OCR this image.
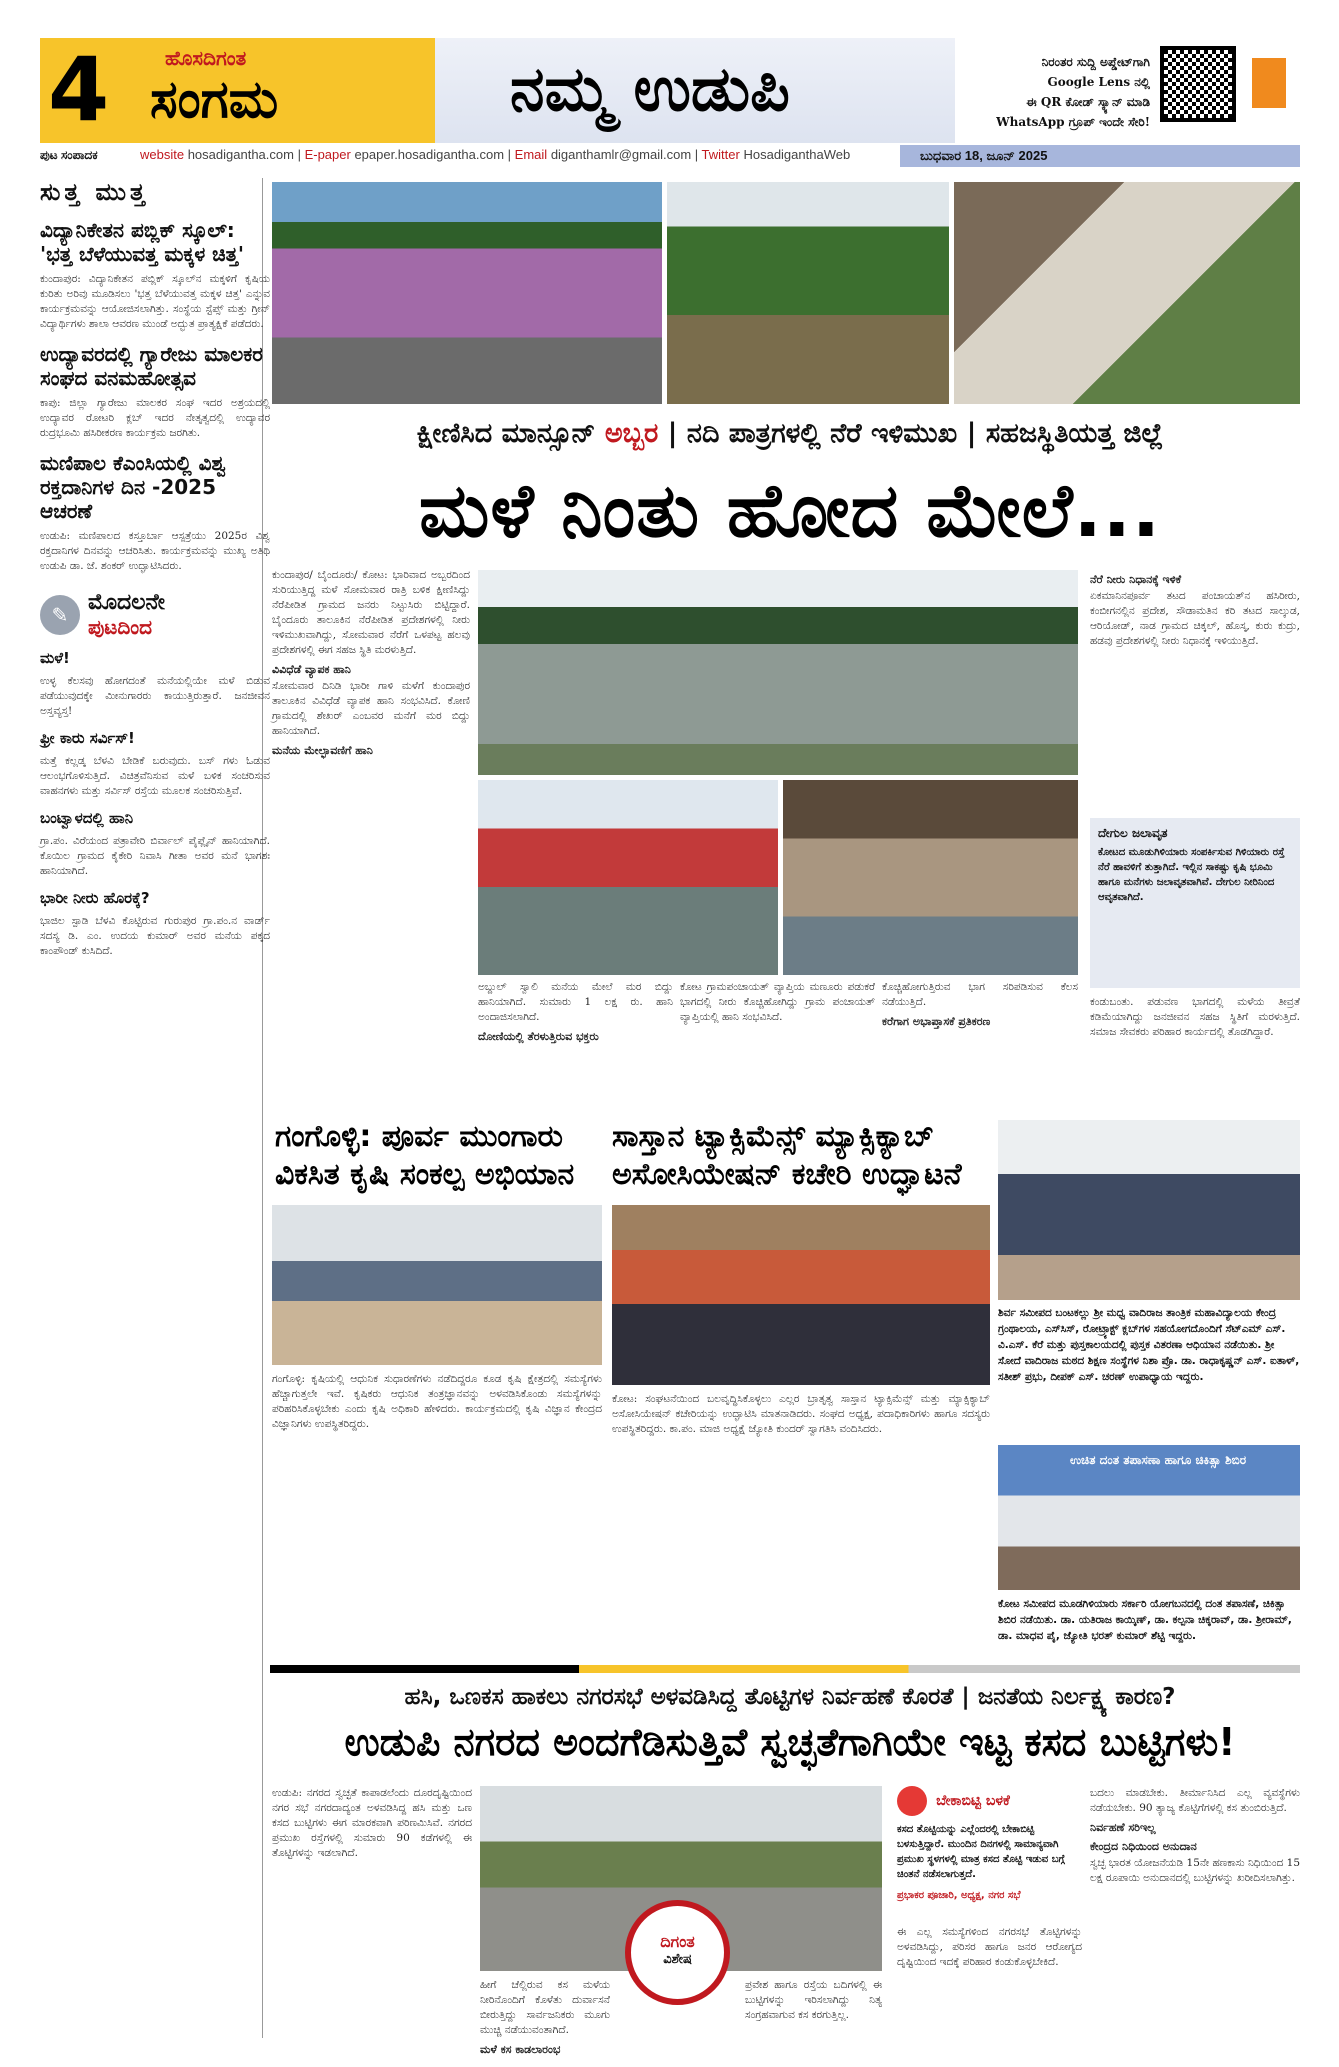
4	ಹೊಸದಿಗಂತ
ಸಂಗಮ	ನಮ್ಮ ಉಡುಪಿ	ನಿರಂತರ ಸುದ್ದಿ ಅಪ್ಡೇಟ್‌ಗಾಗಿ
Google Lens ನಲ್ಲಿ
ಈ QR ಕೋಡ್ ಸ್ಕ್ಯಾನ್ ಮಾಡಿ
WhatsApp ಗ್ರೂಪ್ ಇಂದೇ ಸೇರಿ!
ಪುಟ ಸಂಪಾದಕ	website hosadigantha.com | E-paper epaper.hosadigantha.com | Email diganthamlr@gmail.com | Twitter HosadiganthaWeb	ಬುಧವಾರ 18, ಜೂನ್ 2025
ಸುತ್ತ ಮುತ್ತ
ವಿದ್ಯಾನಿಕೇತನ ಪಬ್ಲಿಕ್ ಸ್ಕೂಲ್: 'ಭತ್ತ ಬೆಳೆಯುವತ್ತ ಮಕ್ಕಳ ಚಿತ್ತ'
ಕುಂದಾಪುರ: ವಿದ್ಯಾನಿಕೇತನ ಪಬ್ಲಿಕ್ ಸ್ಕೂಲ್‌ನ ಮಕ್ಕಳಿಗೆ ಕೃಷಿಯ ಕುರಿತು ಅರಿವು ಮೂಡಿಸಲು 'ಭತ್ತ ಬೆಳೆಯುವತ್ತ ಮಕ್ಕಳ ಚಿತ್ತ' ಎನ್ನುವ ಕಾರ್ಯಕ್ರಮವನ್ನು ಆಯೋಜಿಸಲಾಗಿತ್ತು. ಸಂಸ್ಥೆಯ ಸ್ಟೆಪ್ಸ್ ಮತ್ತು ಗ್ರೀನ್ ವಿದ್ಯಾರ್ಥಿಗಳು ಶಾಲಾ ಆವರಣ ಮುಂಡೆ ಅದ್ಭುತ ಪ್ರಾತ್ಯಕ್ಷಿಕೆ ಪಡೆದರು.
ಉದ್ಯಾವರದಲ್ಲಿ ಗ್ಯಾರೇಜು ಮಾಲಕರ ಸಂಘದ ವನಮಹೋತ್ಸವ
ಕಾಪು: ಜಿಲ್ಲಾ ಗ್ಯಾರೇಜು ಮಾಲಕರ ಸಂಘ ಇದರ ಅಶ್ರಯದಲ್ಲಿ ಉದ್ಯಾವರ ರೋಟರಿ ಕ್ಲಬ್ ಇದರ ನೇತೃತ್ವದಲ್ಲಿ ಉದ್ಯಾವರ ರುದ್ರಭೂಮಿ ಹಸಿರೀಕರಣ ಕಾರ್ಯಕ್ರಮ ಜರಗಿತು.
ಮಣಿಪಾಲ ಕೆಎಂಸಿಯಲ್ಲಿ ವಿಶ್ವ ರಕ್ತದಾನಿಗಳ ದಿನ -2025 ಆಚರಣೆ
ಉಡುಪಿ: ಮಣಿಪಾಲದ ಕಸ್ತೂರ್ಬಾ ಆಸ್ಪತ್ರೆಯು 2025ರ ವಿಶ್ವ ರಕ್ತದಾನಿಗಳ ದಿನವನ್ನು ಆಚರಿಸಿತು. ಕಾರ್ಯಕ್ರಮವನ್ನು ಮುಖ್ಯ ಅತಿಥಿ ಉಡುಪಿ ಡಾ. ಜೆ. ಶಂಕರ್ ಉದ್ಘಾಟಿಸಿದರು.
✎ ಮೊದಲನೇ
ಪುಟದಿಂದ
ಮಳೆ!
ಉಳ್ಳ ಕೆಲಸವು ಹೋಗದಂತೆ ಮನೆಯಲ್ಲಿಯೇ ಮಳೆ ಬಿಡುವ ಪಡೆಯುವುದಕ್ಕೇ ಮೀನುಗಾರರು ಕಾಯುತ್ತಿರುತ್ತಾರೆ. ಜನಜೀವನ ಅಸ್ತವ್ಯಸ್ತ!
ಫ್ರೀ ಕಾರು ಸರ್ವಿಸ್!
ಮತ್ತೆ ಕಲ್ಲಡ್ಕ ಬೆಳವಿ ಬೇಡಿಕೆ ಬರುವುದು. ಬಸ್ ಗಳು ಓಡುವ ಆಲಂಭಗೊಳಿಸುತ್ತಿದೆ. ವಿಚಿತ್ರವೆನಿಸುವ ಮಳೆ ಬಳಿಕ ಸಂಚರಿಸುವ ವಾಹನಗಳು ಮತ್ತು ಸರ್ವಿಸ್ ರಸ್ತೆಯ ಮೂಲಕ ಸಂಚರಿಸುತ್ತಿವೆ.
ಬಂಟ್ವಾಳದಲ್ಲಿ ಹಾನಿ
ಗ್ರಾ.ಪಂ. ವಿರೆಯಂದ ಪತ್ರಾವೇರಿ ಬಿರ್ವಾಲ್ ಪೈಪ್ಲೈನ್ ಹಾನಿಯಾಗಿದೆ. ಕೊಯಿಲ ಗ್ರಾಮದ ಕೈಕೇರಿ ನಿವಾಸಿ ಗೀತಾ ಅವರ ಮನೆ ಭಾಗಶಃ ಹಾನಿಯಾಗಿದೆ.
ಭಾರೀ ನೀರು ಹೊರಕ್ಕೆ?
ಭಾಜಿಲ ಸ್ಪಾಡಿ ಬೆಳವಿ ಕೊಟ್ಟಿರುವ ಗುರುಪುರ ಗ್ರಾ.ಪಂ.ನ ವಾರ್ಡ್ ಸದಸ್ಯ ಡಿ. ಎಂ. ಉದಯ ಕುಮಾರ್ ಅವರ ಮನೆಯ ಪಕ್ಕದ ಕಾಂಪೌಂಡ್ ಕುಸಿದಿದೆ.
ಕ್ಷೀಣಿಸಿದ ಮಾನ್ಸೂನ್ ಅಬ್ಬರ | ನದಿ ಪಾತ್ರಗಳಲ್ಲಿ ನೆರೆ ಇಳಿಮುಖ | ಸಹಜಸ್ಥಿತಿಯತ್ತ ಜಿಲ್ಲೆ
ಮಳೆ ನಿಂತು ಹೋದ ಮೇಲೆ...
ಕುಂದಾಪುರ/ ಬೈಂದೂರು/ ಕೋಟ: ಭಾರಿವಾದ ಅಬ್ಬರದಿಂದ ಸುರಿಯುತ್ತಿದ್ದ ಮಳೆ ಸೋಮವಾರ ರಾತ್ರಿ ಬಳಿಕ ಕ್ಷೀಣಿಸಿದ್ದು ನೆರೆಪೀಡಿತ ಗ್ರಾಮದ ಜನರು ನಿಟ್ಟುಸಿರು ಬಿಟ್ಟಿದ್ದಾರೆ. ಬೈಂದೂರು ತಾಲೂಕಿನ ನೆರೆಪೀಡಿತ ಪ್ರದೇಶಗಳಲ್ಲಿ ನೀರು ಇಳಿಮುಖವಾಗಿದ್ದು, ಸೋಮವಾರ ನೆರೆಗೆ ಒಳಪಟ್ಟ ಹಲವು ಪ್ರದೇಶಗಳಲ್ಲಿ ಈಗ ಸಹಜ ಸ್ಥಿತಿ ಮರಳುತ್ತಿದೆ.
ವಿವಿಧೆಡೆ ವ್ಯಾಪಕ ಹಾನಿ
ಸೋಮವಾರ ದಿನಿಡಿ ಭಾರೀ ಗಾಳಿ ಮಳೆಗೆ ಕುಂದಾಪುರ ತಾಲೂಕಿನ ವಿವಿಧೆಡೆ ವ್ಯಾಪಕ ಹಾನಿ ಸಂಭವಿಸಿದೆ. ಕೋಣಿ ಗ್ರಾಮದಲ್ಲಿ ಶೇಖರ್ ಎಂಬವರ ಮನೆಗೆ ಮರ ಬಿದ್ದು ಹಾನಿಯಾಗಿದೆ.
ಮನೆಯ ಮೇಲ್ಛಾವಣಿಗೆ ಹಾನಿ
ಅಬ್ದುಲ್ ಸ್ವಾಲಿ ಮನೆಯ ಮೇಲೆ ಮರ ಬಿದ್ದು ಹಾನಿಯಾಗಿದೆ. ಸುಮಾರು 1 ಲಕ್ಷ ರು. ಹಾನಿ ಅಂದಾಜಿಸಲಾಗಿದೆ.
ದೋಣಿಯಲ್ಲಿ ತೆರಳುತ್ತಿರುವ ಭಕ್ತರು
ಕೋಟ ಗ್ರಾಮಪಂಚಾಯತ್ ವ್ಯಾಪ್ತಿಯ ಮಣೂರು ಪಡುಕರೆ ಭಾಗದಲ್ಲಿ ನೀರು ಕೊಚ್ಚಿಹೋಗಿದ್ದು ಗ್ರಾಮ ಪಂಚಾಯತ್ ವ್ಯಾಪ್ತಿಯಲ್ಲಿ ಹಾನಿ ಸಂಭವಿಸಿದೆ.
ಕೊಚ್ಚಿಹೋಗುತ್ತಿರುವ ಭಾಗ ಸರಿಪಡಿಸುವ ಕೆಲಸ ನಡೆಯುತ್ತಿದೆ.
ಕರೆಗಾಗ ಅಭಾಪ್ತಾಸಕೆ ಪ್ರತಿಕರಣ
ನೆರೆ ನೀರು ನಿಧಾನಕ್ಕೆ ಇಳಿಕೆ
ಏಕಮಾನಿನಪೂರ್ವ ತಟದ ಪಂಚಾಯತ್‌ನ ಹಸಿರೀರು, ಕಂಬೀಗನಲ್ಲಿನ ಪ್ರದೇಶ, ಸೌಡಾಮತಿನ ಕರಿ ತಟದ ಸಾಲ್ಕುಡ, ಆರಿಯೋಡ್, ನಾಡ ಗ್ರಾಮದ ಚಿಕ್ಕಲ್, ಹೊಸ್ಕ, ಕುರು ಕುದ್ರು, ಹಡವು ಪ್ರದೇಶಗಳಲ್ಲಿ ನೀರು ನಿಧಾನಕ್ಕೆ ಇಳಿಯುತ್ತಿದೆ.
ದೇಗುಲ ಜಲಾವೃತ
ಕೋಟದ ಮೂಡುಗಿಳಿಯಾರು ಸಂಪರ್ಕಿಸುವ ಗಿಳಿಯಾರು ರಸ್ತೆ ನೆರೆ ಹಾವಳಿಗೆ ತುತ್ತಾಗಿದೆ. ಇಲ್ಲಿನ ಸಾಕಷ್ಟು ಕೃಷಿ ಭೂಮಿ ಹಾಗೂ ಮನೆಗಳು ಜಲಾವೃತವಾಗಿವೆ. ದೇಗುಲ ನೀರಿನಿಂದ ಆವೃತವಾಗಿದೆ.
ಕಂಡುಬಂತು. ಪಡುವಣ ಭಾಗದಲ್ಲಿ ಮಳೆಯ ತೀವ್ರತೆ ಕಡಿಮೆಯಾಗಿದ್ದು ಜನಜೀವನ ಸಹಜ ಸ್ಥಿತಿಗೆ ಮರಳುತ್ತಿದೆ. ಸಮಾಜ ಸೇವಕರು ಪರಿಹಾರ ಕಾರ್ಯದಲ್ಲಿ ತೊಡಗಿದ್ದಾರೆ.
ಗಂಗೊಳ್ಳಿ: ಪೂರ್ವ ಮುಂಗಾರು
ವಿಕಸಿತ ಕೃಷಿ ಸಂಕಲ್ಪ ಅಭಿಯಾನ
ಗಂಗೊಳ್ಳಿ: ಕೃಷಿಯಲ್ಲಿ ಆಧುನಿಕ ಸುಧಾರಣೆಗಳು ನಡೆದಿದ್ದರೂ ಕೂಡ ಕೃಷಿ ಕ್ಷೇತ್ರದಲ್ಲಿ ಸಮಸ್ಯೆಗಳು ಹೆಚ್ಚಾಗುತ್ತಲೇ ಇವೆ. ಕೃಷಿಕರು ಆಧುನಿಕ ತಂತ್ರಜ್ಞಾನವನ್ನು ಅಳವಡಿಸಿಕೊಂಡು ಸಮಸ್ಯೆಗಳನ್ನು ಪರಿಹರಿಸಿಕೊಳ್ಳಬೇಕು ಎಂದು ಕೃಷಿ ಅಧಿಕಾರಿ ಹೇಳಿದರು. ಕಾರ್ಯಕ್ರಮದಲ್ಲಿ ಕೃಷಿ ವಿಜ್ಞಾನ ಕೇಂದ್ರದ ವಿಜ್ಞಾನಿಗಳು ಉಪಸ್ಥಿತರಿದ್ದರು.
ಸಾಸ್ತಾನ ಟ್ಯಾಕ್ಸಿಮೆನ್ಸ್ ಮ್ಯಾಕ್ಸಿಕ್ಯಾಬ್
ಅಸೋಸಿಯೇಷನ್ ಕಚೇರಿ ಉದ್ಘಾಟನೆ
ಕೋಟ: ಸಂಘಟನೆಯಿಂದ ಬಲವೃದ್ಧಿಸಿಕೊಳ್ಳಲು ಎಲ್ಲರ ಬ್ರಾತೃತ್ವ ಸಾಸ್ತಾನ ಟ್ಯಾಕ್ಸಿಮೆನ್ಸ್ ಮತ್ತು ಮ್ಯಾಕ್ಸಿಕ್ಯಾಬ್ ಅಸೋಸಿಯೇಷನ್ ಕಚೇರಿಯನ್ನು ಉದ್ಘಾಟಿಸಿ ಮಾತನಾಡಿದರು. ಸಂಘದ ಅಧ್ಯಕ್ಷ, ಪದಾಧಿಕಾರಿಗಳು ಹಾಗೂ ಸದಸ್ಯರು ಉಪಸ್ಥಿತರಿದ್ದರು. ಕಾ.ಪಂ. ಮಾಜಿ ಅಧ್ಯಕ್ಷೆ ಜ್ಯೋತಿ ಕುಂದರ್ ಸ್ವಾಗತಿಸಿ ವಂದಿಸಿದರು.
ಶಿರ್ವ ಸಮೀಪದ ಬಂಟಕಲ್ಲು ಶ್ರೀ ಮಧ್ವ ವಾದಿರಾಜ ತಾಂತ್ರಿಕ ಮಹಾವಿದ್ಯಾಲಯ ಕೇಂದ್ರ ಗ್ರಂಥಾಲಯ, ಎಸ್‌ಸಿಸ್, ರೋಟ್ರ್ಯಾಕ್ಟ್ ಕ್ಲಬ್‌ಗಳ ಸಹಯೋಗದೊಂದಿಗೆ ಸೆಟ್‌ಎಮ್ ಎಸ್. ವಿ.ಎಸ್. ಕೆರೆ ಮತ್ತು ಪುಸ್ತಕಾಲಯದಲ್ಲಿ ಪುಸ್ತಕ ವಿತರಣಾ ಆಧಿಯಾನ ನಡೆಯಿತು. ಶ್ರೀ ಸೋದೆ ವಾದಿರಾಜ ಮಠದ ಶಿಕ್ಷಣ ಸಂಸ್ಥೆಗಳ ನಿಶಾ ಪ್ರೊ. ಡಾ. ರಾಧಾಕೃಷ್ಣನ್ ಎಸ್. ಐತಾಳ್, ಸತೀಶ್ ಪ್ರಭು, ದೀಪಕ್ ಎಸ್. ಚರಣ್ ಉಪಾಧ್ಯಾಯ ಇದ್ದರು.
ಉಚಿತ ದಂತ ತಪಾಸಣಾ ಹಾಗೂ ಚಿಕಿತ್ಸಾ ಶಿಬಿರ
ಕೋಟ ಸಮೀಪದ ಮೂಡಗಿಳಿಯಾರು ಸರ್ಕಾರಿ ಯೋಗಬನದಲ್ಲಿ ದಂತ ತಪಾಸಣೆ, ಚಿಕಿತ್ಸಾ ಶಿಬಿರ ನಡೆಯಿತು. ಡಾ. ಯತಿರಾಜ ಕಾಯ್ಕಿಣ್, ಡಾ. ಕಲ್ಪನಾ ಚಿಕ್ಕರಾವ್, ಡಾ. ಶ್ರೀರಾಮ್, ಡಾ. ಮಾಧವ ಪೈ, ಜ್ಯೋತಿ ಭರತ್ ಕುಮಾರ್ ಶೆಟ್ಟಿ ಇದ್ದರು.
ಹಸಿ, ಒಣಕಸ ಹಾಕಲು ನಗರಸಭೆ ಅಳವಡಿಸಿದ್ದ ತೊಟ್ಟಿಗಳ ನಿರ್ವಹಣೆ ಕೊರತೆ | ಜನತೆಯ ನಿರ್ಲಕ್ಷ್ಯ ಕಾರಣ?
ಉಡುಪಿ ನಗರದ ಅಂದಗೆಡಿಸುತ್ತಿವೆ ಸ್ವಚ್ಛತೆಗಾಗಿಯೇ ಇಟ್ಟ ಕಸದ ಬುಟ್ಟಿಗಳು!
ಉಡುಪಿ: ನಗರದ ಸ್ವಚ್ಛತೆ ಕಾಪಾಡಲೆಂದು ದೂರದೃಷ್ಟಿಯಿಂದ ನಗರ ಸಭೆ ನಗರದಾದ್ಯಂತ ಅಳವಡಿಸಿದ್ದ ಹಸಿ ಮತ್ತು ಒಣ ಕಸದ ಬುಟ್ಟಿಗಳು ಈಗ ಮಾರಕವಾಗಿ ಪರಿಣಮಿಸಿವೆ. ನಗರದ ಪ್ರಮುಖ ರಸ್ತೆಗಳಲ್ಲಿ ಸುಮಾರು 90 ಕಡೆಗಳಲ್ಲಿ ಈ ತೊಟ್ಟಿಗಳನ್ನು ಇಡಲಾಗಿದೆ.
ಹೀಗೆ ಚೆಲ್ಲಿರುವ ಕಸ ಮಳೆಯ ನೀರಿನೊಂದಿಗೆ ಕೊಳೆತು ದುರ್ವಾಸನೆ ಬೀರುತ್ತಿದ್ದು ಸಾರ್ವಜನಿಕರು ಮೂಗು ಮುಚ್ಚಿ ನಡೆಯುವಂತಾಗಿದೆ.
ಮಳೆ ಕಸ ಕಾಡಲಾರಂಭ
ಪ್ರವೇಶ ಹಾಗೂ ರಸ್ತೆಯ ಬದಿಗಳಲ್ಲಿ ಈ ಬುಟ್ಟಿಗಳನ್ನು ಇರಿಸಲಾಗಿದ್ದು ನಿತ್ಯ ಸಂಗ್ರಹವಾಗುವ ಕಸ ಕರಗುತ್ತಿಲ್ಲ.
ದಿಗಂತ
ವಿಶೇಷ
ಬೇಕಾಬಿಟ್ಟಿ ಬಳಕೆ
ಕಸದ ತೊಟ್ಟಿಯನ್ನು ಎಲ್ಲೆಂದರಲ್ಲಿ ಬೇಕಾಬಿಟ್ಟಿ ಬಳಸುತ್ತಿದ್ದಾರೆ. ಮುಂದಿನ ದಿನಗಳಲ್ಲಿ ಸಾಮಾನ್ಯವಾಗಿ ಪ್ರಮುಖ ಸ್ಥಳಗಳಲ್ಲಿ ಮಾತ್ರ ಕಸದ ತೊಟ್ಟಿ ಇಡುವ ಬಗ್ಗೆ ಚಿಂತನೆ ನಡೆಸಲಾಗುತ್ತದೆ.
ಪ್ರಭಾಕರ ಪೂಜಾರಿ, ಅಧ್ಯಕ್ಷ, ನಗರ ಸಭೆ
ಈ ಎಲ್ಲ ಸಮಸ್ಯೆಗಳಿಂದ ನಗರಸಭೆ ತೊಟ್ಟಿಗಳನ್ನು ಅಳವಡಿಸಿದ್ದು, ಪರಿಸರ ಹಾಗೂ ಜನರ ಆರೋಗ್ಯದ ದೃಷ್ಟಿಯಿಂದ ಇದಕ್ಕೆ ಪರಿಹಾರ ಕಂಡುಕೊಳ್ಳಬೇಕಿದೆ.
ಬದಲು ಮಾಡಬೇಕು. ತೀರ್ಮಾನಿಸಿದ ಎಲ್ಲ ವ್ಯವಸ್ಥೆಗಳು ನಡೆಯಬೇಕು. 90 ತ್ಯಾಜ್ಯ ಕೊಟ್ಟಿಗೆಗಳಲ್ಲಿ ಕಸ ತುಂಬಿರುತ್ತಿದೆ.
ನಿರ್ವಹಣೆ ಸರಿಇಲ್ಲ
ಕೇಂದ್ರದ ನಿಧಿಯಿಂದ ಅನುದಾನ
ಸ್ವಚ್ಛ ಭಾರತ ಯೋಜನೆಯಡಿ 15ನೇ ಹಣಕಾಸು ನಿಧಿಯಿಂದ 15 ಲಕ್ಷ ರೂಪಾಯಿ ಅನುದಾನದಲ್ಲಿ ಬುಟ್ಟಿಗಳನ್ನು ಖರೀದಿಸಲಾಗಿತ್ತು.
